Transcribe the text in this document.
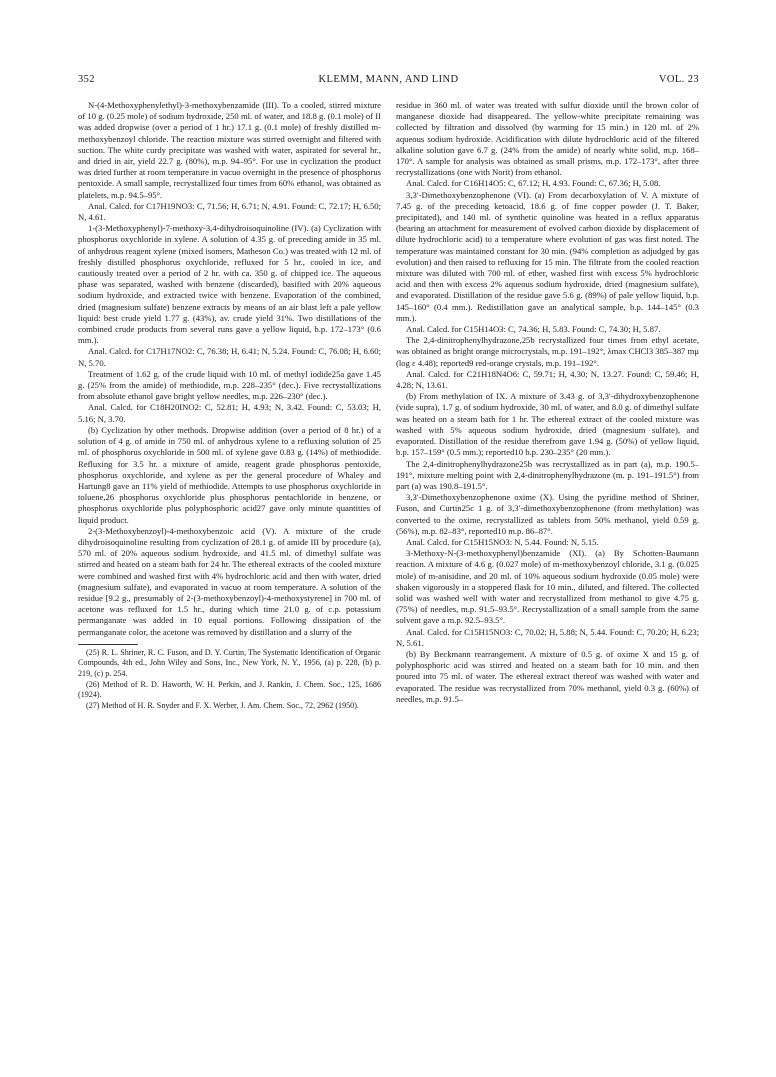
352	KLEMM, MANN, AND LIND	VOL. 23

N-(4-Methoxyphenylethyl)-3-methoxybenzamide (III). To a cooled, stirred mixture of 10 g. (0.25 mole) of sodium hydroxide, 250 ml. of water, and 18.8 g. (0.1 mole) of II was added dropwise (over a period of 1 hr.) 17.1 g. (0.1 mole) of freshly distilled m-methoxybenzoyl chloride. The reaction mixture was stirred overnight and filtered with suction. The white curdy precipitate was washed with water, aspirated for several hr., and dried in air, yield 22.7 g. (80%), m.p. 94–95°. For use in cyclization the product was dried further at room temperature in vacuo overnight in the presence of phosphorus pentoxide. A small sample, recrystallized four times from 60% ethanol, was obtained as platelets, m.p. 94.5–95°.

Anal. Calcd. for C17H19NO3: C, 71.56; H, 6.71; N, 4.91. Found: C, 72.17; H, 6.50; N, 4.61.

1-(3-Methoxyphenyl)-7-methoxy-3,4-dihydroisoquinoline (IV). (a) Cyclization with phosphorus oxychloride in xylene. A solution of 4.35 g. of preceding amide in 35 ml. of anhydrous reagent xylene (mixed isomers, Matheson Co.) was treated with 12 ml. of freshly distilled phosphorus oxychloride, refluxed for 5 hr., cooled in ice, and cautiously treated over a period of 2 hr. with ca. 350 g. of chipped ice. The aqueous phase was separated, washed with benzene (discarded), basified with 20% aqueous sodium hydroxide, and extracted twice with benzene. Evaporation of the combined, dried (magnesium sulfate) benzene extracts by means of an air blast left a pale yellow liquid: best crude yield 1.77 g. (43%), av. crude yield 31%. Two distillations of the combined crude products from several runs gave a yellow liquid, b.p. 172–173° (0.6 mm.).

Anal. Calcd. for C17H17NO2: C, 76.38; H, 6.41; N, 5.24. Found: C, 76.08; H, 6.60; N, 5.70.

Treatment of 1.62 g. of the crude liquid with 10 ml. of methyl iodide25a gave 1.45 g. (25% from the amide) of methiodide, m.p. 228–235° (dec.). Five recrystallizations from absolute ethanol gave bright yellow needles, m.p. 226–230° (dec.).

Anal. Calcd. for C18H20INO2: C, 52.81; H, 4.93; N, 3.42. Found: C, 53.03; H, 5.16; N, 3.70.

(b) Cyclization by other methods. Dropwise addition (over a period of 8 hr.) of a solution of 4 g. of amide in 750 ml. of anhydrous xylene to a refluxing solution of 25 ml. of phosphorus oxychloride in 500 ml. of xylene gave 0.83 g. (14%) of methiodide. Refluxing for 3.5 hr. a mixture of amide, reagent grade phosphorus pentoxide, phosphorus oxychloride, and xylene as per the general procedure of Whaley and Hartung8 gave an 11% yield of methiodide. Attempts to use phosphorus oxychloride in toluene,26 phosphorus oxychloride plus phosphorus pentachloride in benzene, or phosphorus oxychloride plus polyphosphoric acid27 gave only minute quantities of liquid product.

2-(3-Methoxybenzoyl)-4-methoxybenzoic acid (V). A mixture of the crude dihydroisoquinoline resulting from cyclization of 28.1 g. of amide III by procedure (a), 570 ml. of 20% aqueous sodium hydroxide, and 41.5 ml. of dimethyl sulfate was stirred and heated on a steam bath for 24 hr. The ethereal extracts of the cooled mixture were combined and washed first with 4% hydrochloric acid and then with water, dried (magnesium sulfate), and evaporated in vacuo at room temperature. A solution of the residue [9.2 g., presumably of 2-(3-methoxybenzoyl)-4-methoxystyrene] in 700 ml. of acetone was refluxed for 1.5 hr., during which time 21.0 g. of c.p. potassium permanganate was added in 10 equal portions. Following dissipation of the permanganate color, the acetone was removed by distillation and a slurry of the

(25) R. L. Shriner, R. C. Fuson, and D. Y. Curtin, The Systematic Identification of Organic Compounds, 4th ed., John Wiley and Sons, Inc., New York, N. Y., 1956, (a) p. 228, (b) p. 219, (c) p. 254.

(26) Method of R. D. Haworth, W. H. Perkin, and J. Rankin, J. Chem. Soc., 125, 1686 (1924).

(27) Method of H. R. Snyder and F. X. Werber, J. Am. Chem. Soc., 72, 2962 (1950).

residue in 360 ml. of water was treated with sulfur dioxide until the brown color of manganese dioxide had disappeared. The yellow-white precipitate remaining was collected by filtration and dissolved (by warming for 15 min.) in 120 ml. of 2% aqueous sodium hydroxide. Acidification with dilute hydrochloric acid of the filtered alkaline solution gave 6.7 g. (24% from the amide) of nearly white solid, m.p. 168–170°. A sample for analysis was obtained as small prisms, m.p. 172–173°, after three recrystallizations (one with Norit) from ethanol.

Anal. Calcd. for C16H14O5: C, 67.12; H, 4.93. Found: C, 67.36; H, 5.08.

3,3′-Dimethoxybenzophenone (VI). (a) From decarboxylation of V. A mixture of 7.45 g. of the preceding ketoacid, 18.6 g. of fine copper powder (J. T. Baker, precipitated), and 140 ml. of synthetic quinoline was heated in a reflux apparatus (bearing an attachment for measurement of evolved carbon dioxide by displacement of dilute hydrochloric acid) to a temperature where evolution of gas was first noted. The temperature was maintained constant for 30 min. (94% completion as adjudged by gas evolution) and then raised to refluxing for 15 min. The filtrate from the cooled reaction mixture was diluted with 700 ml. of ether, washed first with excess 5% hydrochloric acid and then with excess 2% aqueous sodium hydroxide, dried (magnesium sulfate), and evaporated. Distillation of the residue gave 5.6 g. (89%) of pale yellow liquid, b.p. 145–160° (0.4 mm.). Redistillation gave an analytical sample, b.p. 144–145° (0.3 mm.).

Anal. Calcd. for C15H14O3: C, 74.36; H, 5.83. Found: C, 74.30; H, 5.87.

The 2,4-dinitrophenylhydrazone,25b recrystallized four times from ethyl acetate, was obtained as bright orange microcrystals, m.p. 191–192°, λmax CHCl3 385–387 mμ (log ε 4.48); reported9 red-orange crystals, m.p. 191–192°.

Anal. Calcd. for C21H18N4O6: C, 59.71; H, 4.30; N, 13.27. Found: C, 59.46; H, 4.28; N, 13.61.

(b) From methylation of IX. A mixture of 3.43 g. of 3,3′-dihydroxybenzophenone (vide supra), 1.7 g. of sodium hydroxide, 30 ml. of water, and 8.0 g. of dimethyl sulfate was heated on a steam bath for 1 hr. The ethereal extract of the cooled mixture was washed with 5% aqueous sodium hydroxide, dried (magnesium sulfate), and evaporated. Distillation of the residue therefrom gave 1.94 g. (50%) of yellow liquid, b.p. 157–159° (0.5 mm.); reported10 b.p. 230–235° (20 mm.).

The 2,4-dinitrophenylhydrazone25b was recrystallized as in part (a), m.p. 190.5–191°, mixture melting point with 2,4-dinitrophenylhydrazone (m. p. 191–191.5°) from part (a) was 190.8–191.5°.

3,3′-Dimethoxybenzophenone oxime (X). Using the pyridine method of Shriner, Fuson, and Curtin25c 1 g. of 3,3′-dimethoxybenzophenone (from methylation) was converted to the oxime, recrystallized as tablets from 50% methanol, yield 0.59 g. (56%), m.p. 82–83°, reported10 m.p. 86–87°.

Anal. Calcd. for C15H15NO3: N, 5.44. Found: N, 5.15.

3-Methoxy-N-(3-methoxyphenyl)benzamide (XI). (a) By Schotten-Baumann reaction. A mixture of 4.6 g. (0.027 mole) of m-methoxybenzoyl chloride, 3.1 g. (0.025 mole) of m-anisidine, and 20 ml. of 10% aqueous sodium hydroxide (0.05 mole) were shaken vigorously in a stoppered flask for 10 min., diluted, and filtered. The collected solid was washed well with water and recrystallized from methanol to give 4.75 g. (75%) of needles, m.p. 91.5–93.5°. Recrystallization of a small sample from the same solvent gave a m.p. 92.5–93.5°.

Anal. Calcd. for C15H15NO3: C, 70.02; H, 5.88; N, 5.44. Found: C, 70.20; H, 6.23; N, 5.61.

(b) By Beckmann rearrangement. A mixture of 0.5 g. of oxime X and 15 g. of polyphosphoric acid was stirred and heated on a steam bath for 10 min. and then poured into 75 ml. of water. The ethereal extract thereof was washed with water and evaporated. The residue was recrystallized from 70% methanol, yield 0.3 g. (60%) of needles, m.p. 91.5–
